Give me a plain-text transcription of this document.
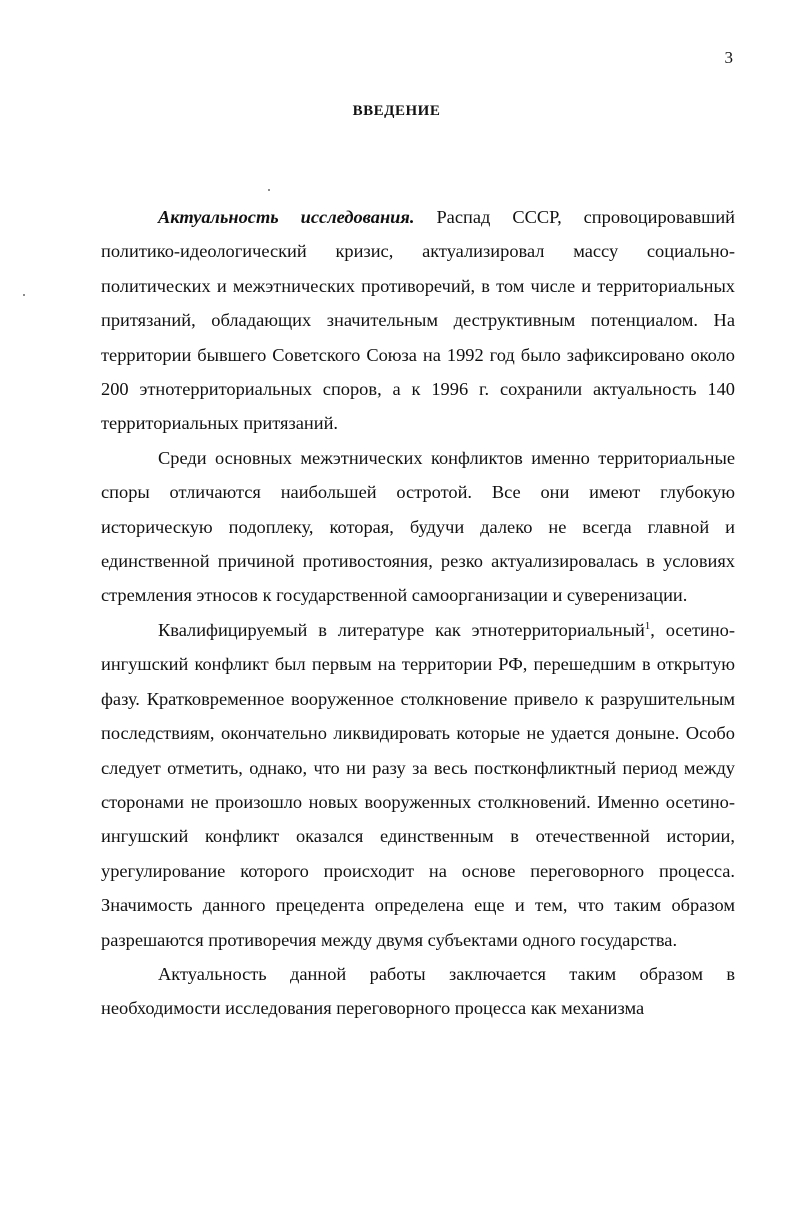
3
ВВЕДЕНИЕ

Актуальность исследования. Распад СССР, спровоцировавший политико-идеологический кризис, актуализировал массу социально-политических и межэтнических противоречий, в том числе и территориальных притязаний, обладающих значительным деструктивным потенциалом. На территории бывшего Советского Союза на 1992 год было зафиксировано около 200 этнотерриториальных споров, а к 1996 г. сохранили актуальность 140 территориальных притязаний.

Среди основных межэтнических конфликтов именно территориальные споры отличаются наибольшей остротой. Все они имеют глубокую историческую подоплеку, которая, будучи далеко не всегда главной и единственной причиной противостояния, резко актуализировалась в условиях стремления этносов к государственной самоорганизации и суверенизации.

Квалифицируемый в литературе как этнотерриториальный$^1$, осетино-ингушский конфликт был первым на территории РФ, перешедшим в открытую фазу. Кратковременное вооруженное столкновение привело к разрушительным последствиям, окончательно ликвидировать которые не удается доныне. Особо следует отметить, однако, что ни разу за весь постконфликтный период между сторонами не произошло новых вооруженных столкновений. Именно осетино-ингушский конфликт оказался единственным в отечественной истории, урегулирование которого происходит на основе переговорного процесса. Значимость данного прецедента определена еще и тем, что таким образом разрешаются противоречия между двумя субъектами одного государства.

Актуальность данной работы заключается таким образом в необходимости исследования переговорного процесса как механизма
